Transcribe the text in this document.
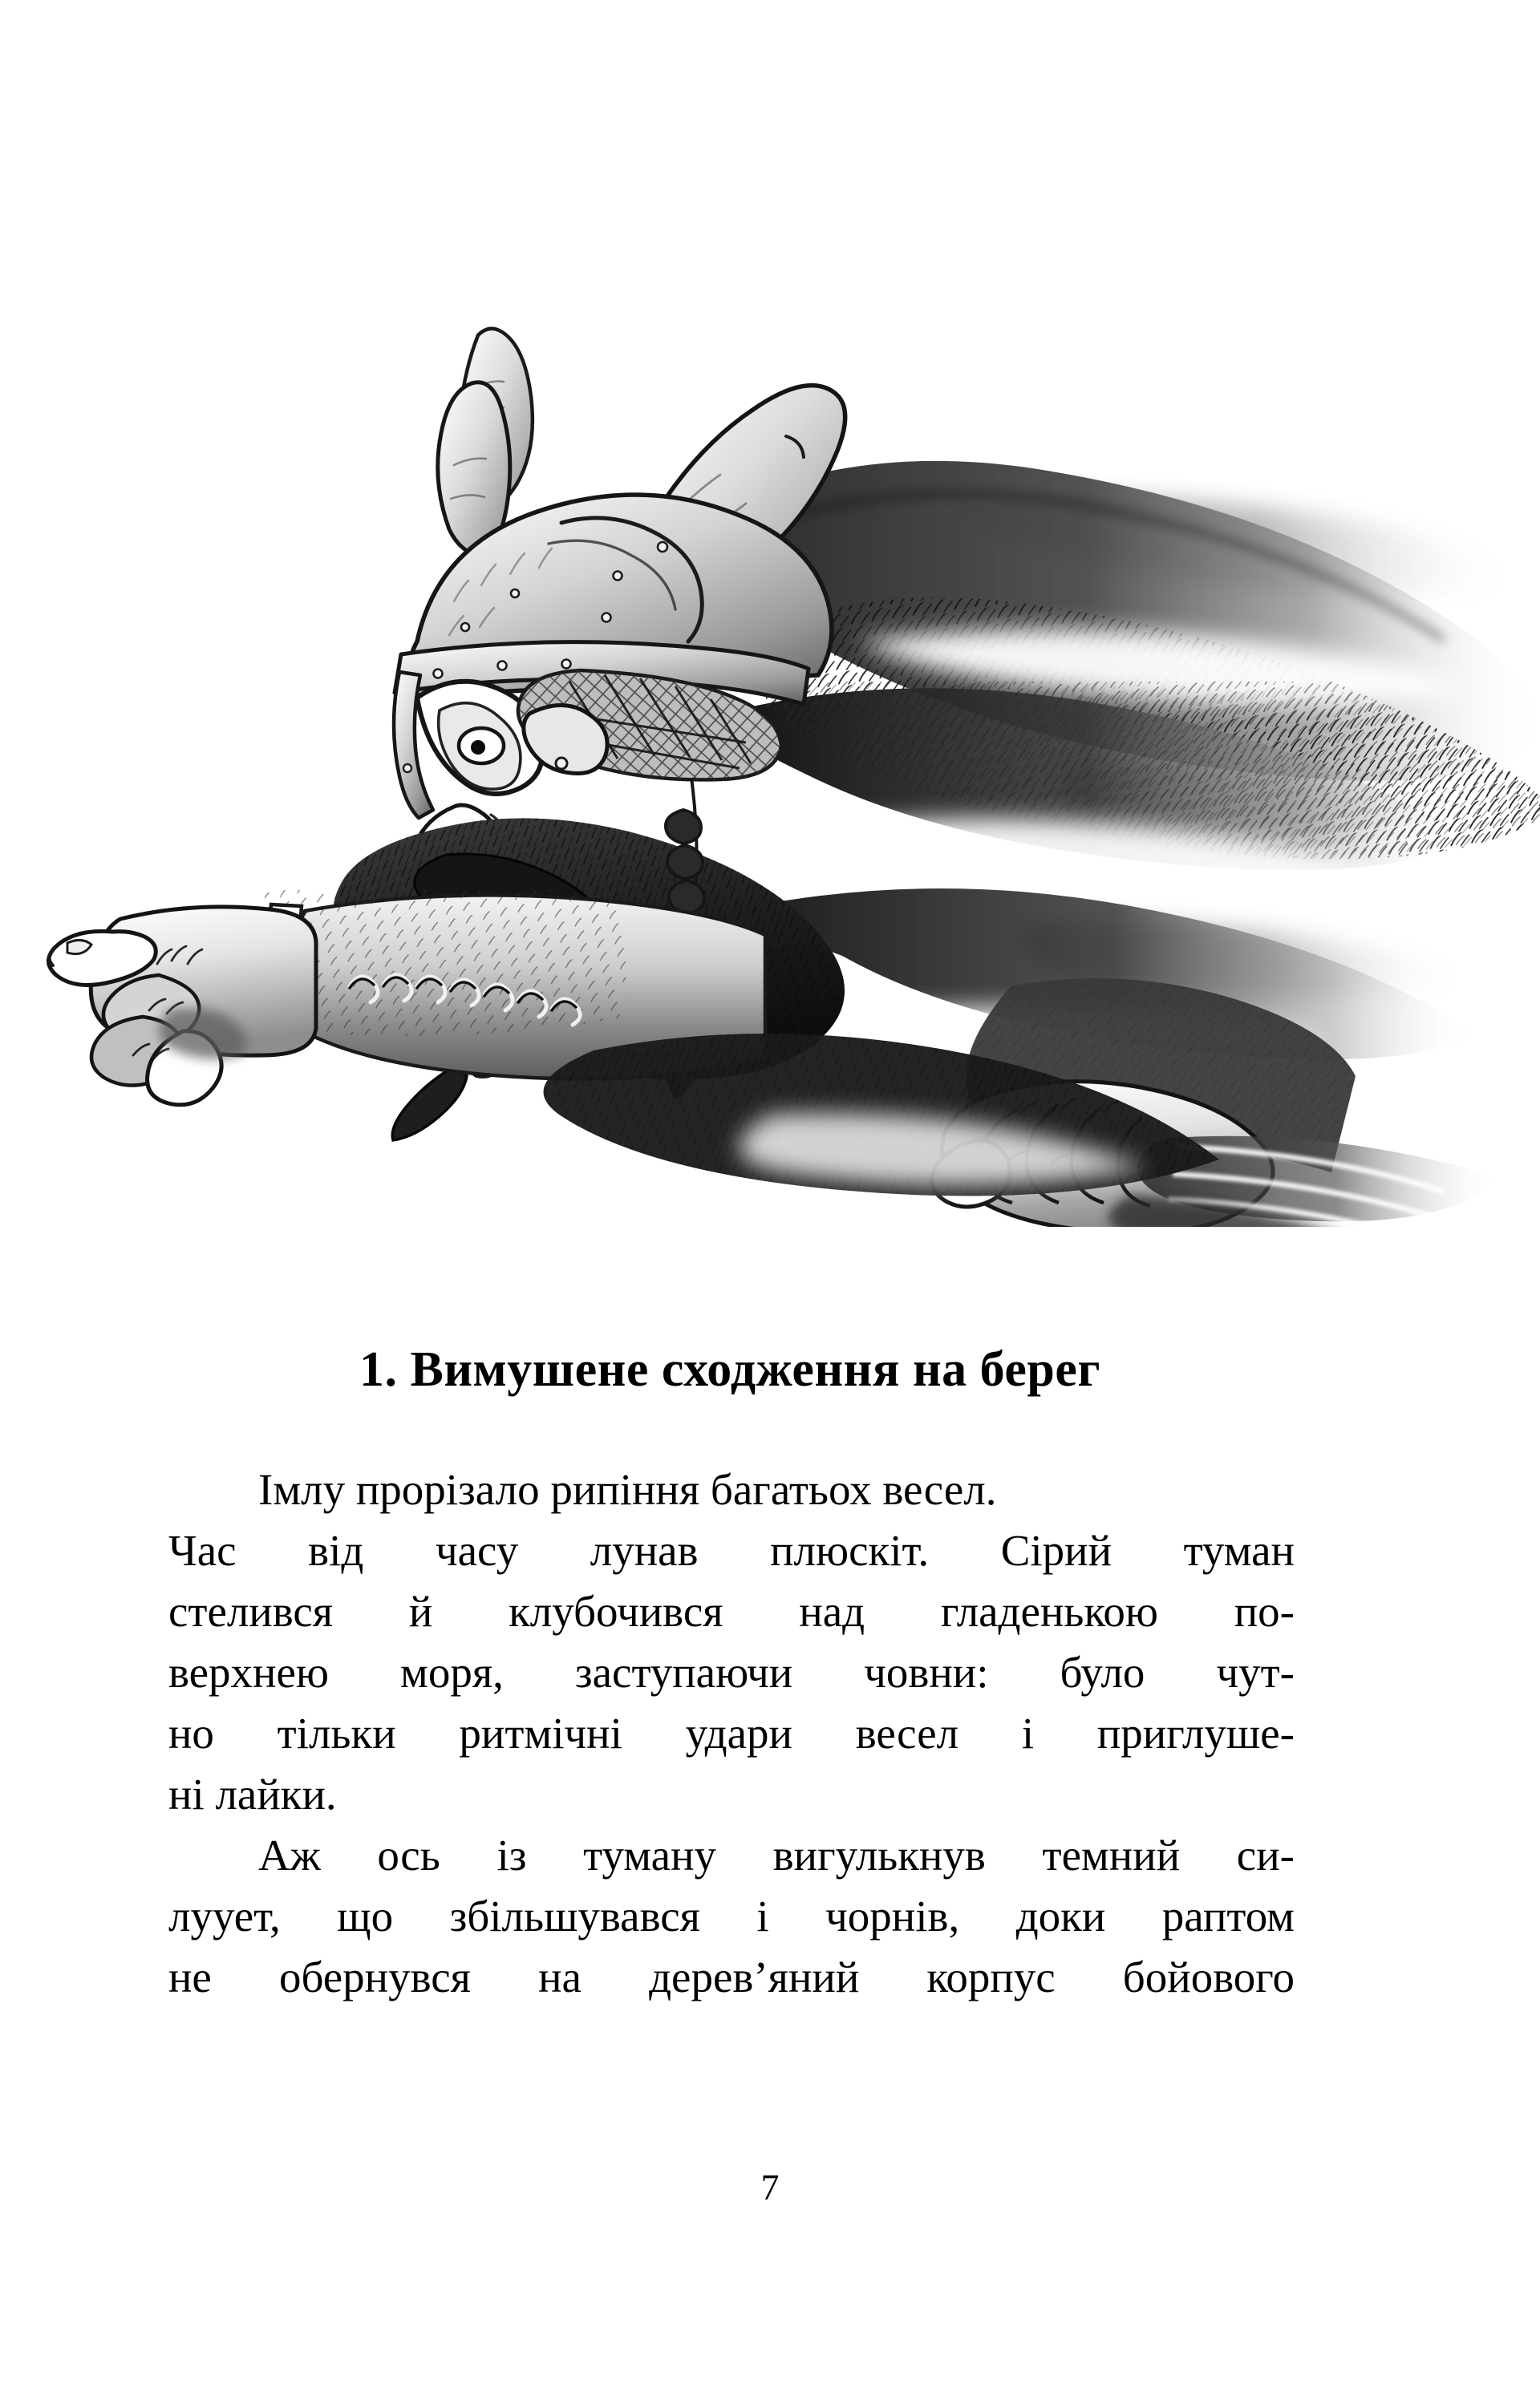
1. Вимушене сходження на берег

Імлу прорізало рипіння багатьох весел.
Час від часу лунав плюскіт. Сірий туман
стелився й клубочився над гладенькою по-
верхнею моря, заступаючи човни: було чут-
но тільки ритмічні удари весел і приглуше-
ні лайки.

Аж ось із туману вигулькнув темний си-
луует, що збільшувався і чорнів, доки раптом
не обернувся на дерев’яний корпус бойового

7
